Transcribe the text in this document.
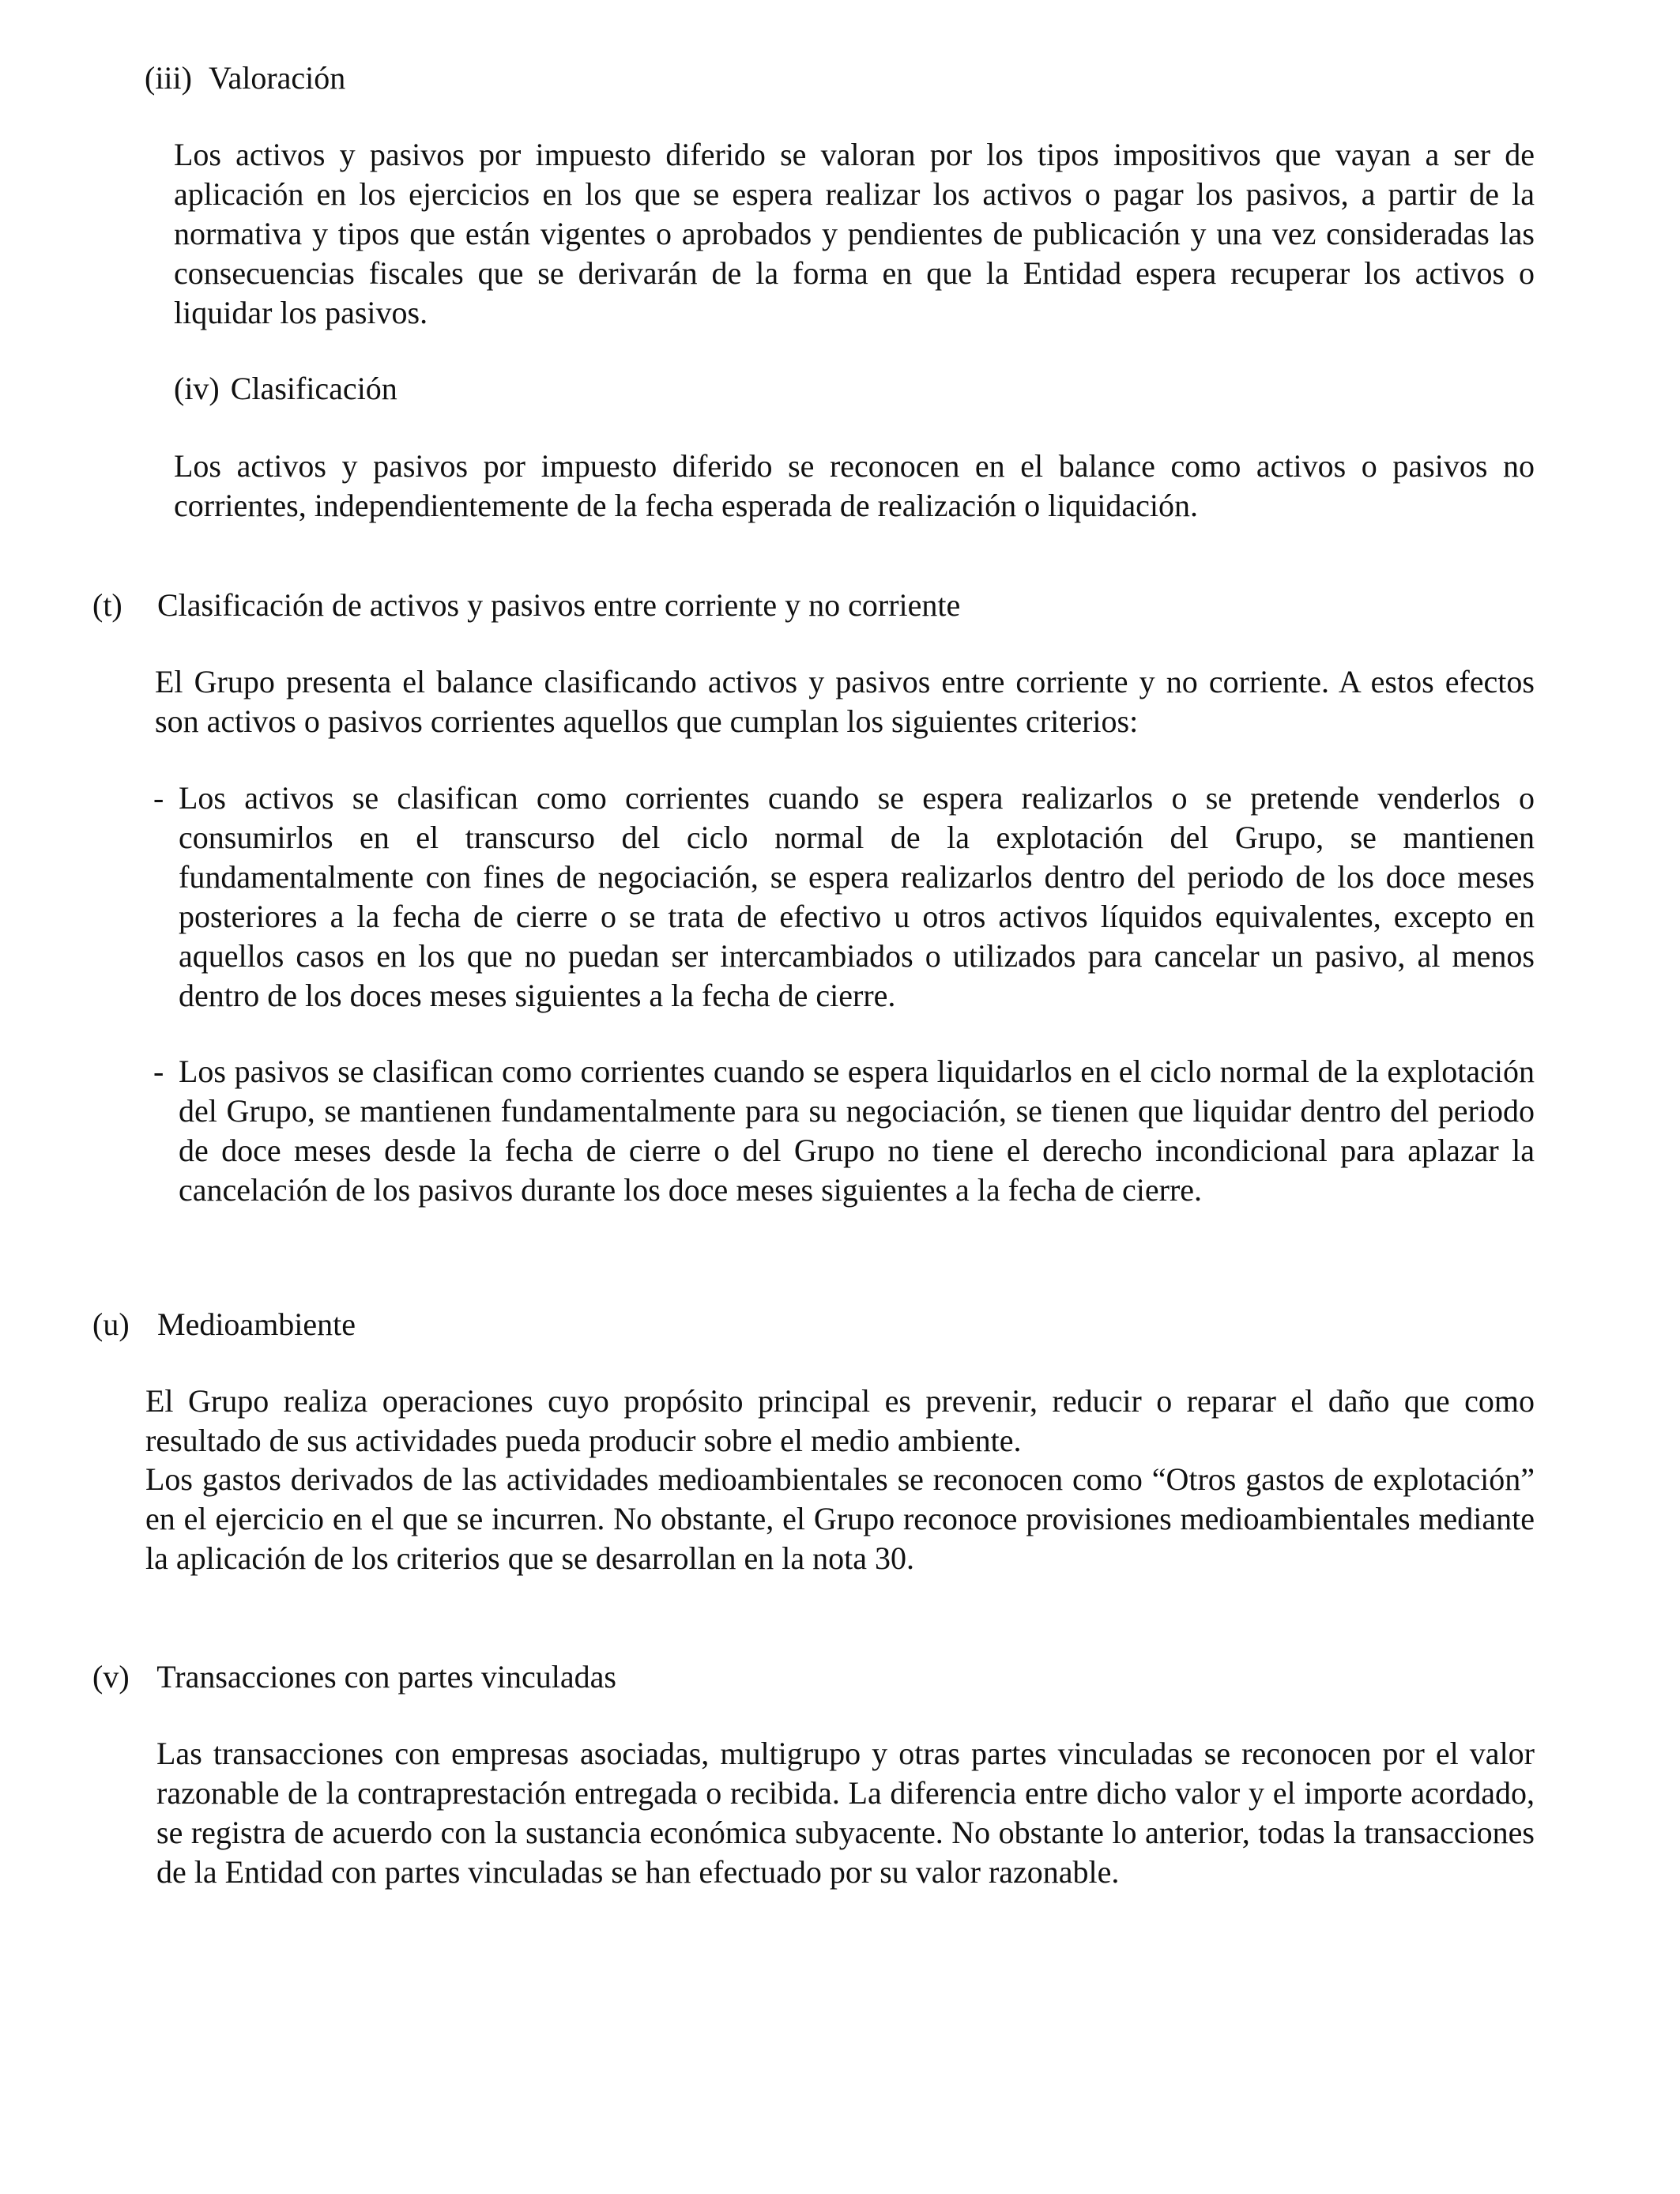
(iii) Valoración

Los activos y pasivos por impuesto diferido se valoran por los tipos impositivos que vayan a ser de aplicación en los ejercicios en los que se espera realizar los activos o pagar los pasivos, a partir de la normativa y tipos que están vigentes o aprobados y pendientes de publicación y una vez consideradas las consecuencias fiscales que se derivarán de la forma en que la Entidad espera recuperar los activos o liquidar los pasivos.

(iv) Clasificación

Los activos y pasivos por impuesto diferido se reconocen en el balance como activos o pasivos no corrientes, independientemente de la fecha esperada de realización o liquidación.

(t) Clasificación de activos y pasivos entre corriente y no corriente

El Grupo presenta el balance clasificando activos y pasivos entre corriente y no corriente. A estos efectos son activos o pasivos corrientes aquellos que cumplan los siguientes criterios:

- Los activos se clasifican como corrientes cuando se espera realizarlos o se pretende venderlos o consumirlos en el transcurso del ciclo normal de la explotación del Grupo, se mantienen fundamentalmente con fines de negociación, se espera realizarlos dentro del periodo de los doce meses posteriores a la fecha de cierre o se trata de efectivo u otros activos líquidos equivalentes, excepto en aquellos casos en los que no puedan ser intercambiados o utilizados para cancelar un pasivo, al menos dentro de los doces meses siguientes a la fecha de cierre.

- Los pasivos se clasifican como corrientes cuando se espera liquidarlos en el ciclo normal de la explotación del Grupo, se mantienen fundamentalmente para su negociación, se tienen que liquidar dentro del periodo de doce meses desde la fecha de cierre o del Grupo no tiene el derecho incondicional para aplazar la cancelación de los pasivos durante los doce meses siguientes a la fecha de cierre.

(u) Medioambiente

El Grupo realiza operaciones cuyo propósito principal es prevenir, reducir o reparar el daño que como resultado de sus actividades pueda producir sobre el medio ambiente.

Los gastos derivados de las actividades medioambientales se reconocen como “Otros gastos de explotación” en el ejercicio en el que se incurren. No obstante, el Grupo reconoce provisiones medioambientales mediante la aplicación de los criterios que se desarrollan en la nota 30.

(v) Transacciones con partes vinculadas

Las transacciones con empresas asociadas, multigrupo y otras partes vinculadas se reconocen por el valor razonable de la contraprestación entregada o recibida. La diferencia entre dicho valor y el importe acordado, se registra de acuerdo con la sustancia económica subyacente. No obstante lo anterior, todas la transacciones de la Entidad con partes vinculadas se han efectuado por su valor razonable.
